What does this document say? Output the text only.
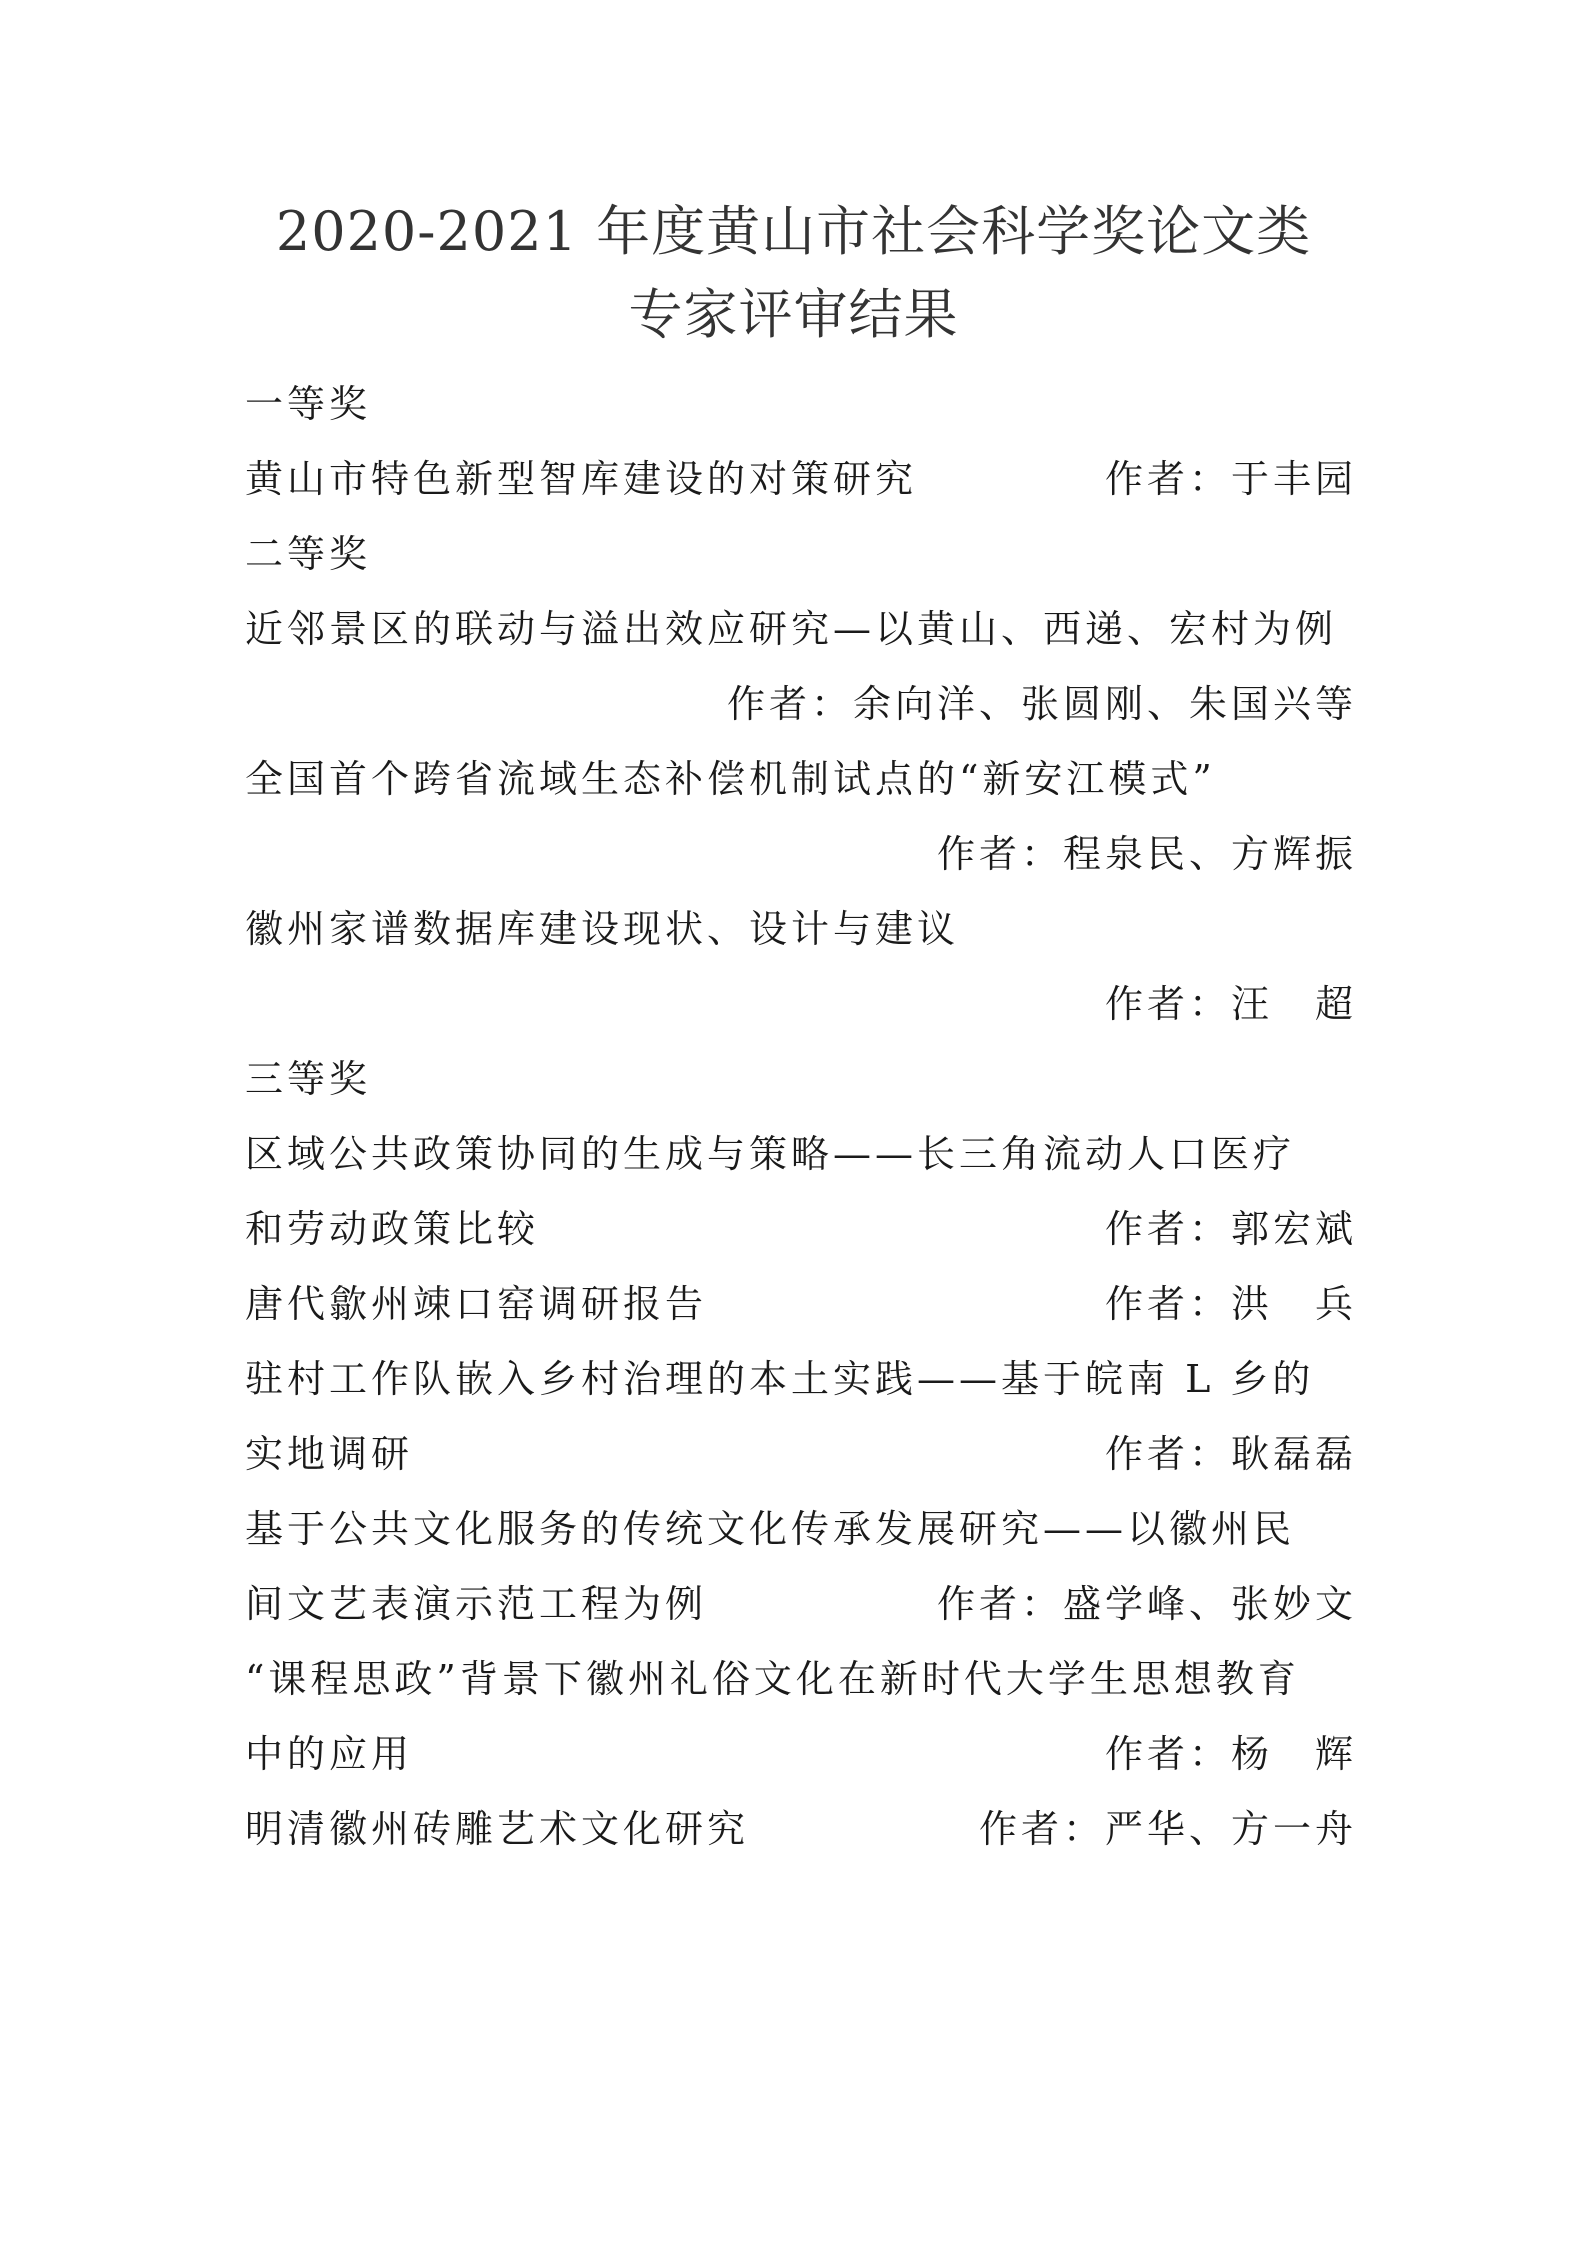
2020-2021 年度黄山市社会科学奖论文类
专家评审结果
一等奖
黄山市特色新型智库建设的对策研究	作者：于丰园
二等奖
近邻景区的联动与溢出效应研究—以黄山、西递、宏村为例
作者：余向洋、张圆刚、朱国兴等
全国首个跨省流域生态补偿机制试点的“新安江模式”
作者：程泉民、方辉振
徽州家谱数据库建设现状、设计与建议
作者：汪　超
三等奖
区域公共政策协同的生成与策略——长三角流动人口医疗
和劳动政策比较	作者：郭宏斌
唐代歙州竦口窑调研报告	作者：洪　兵
驻村工作队嵌入乡村治理的本土实践——基于皖南 L 乡的
实地调研	作者：耿磊磊
基于公共文化服务的传统文化传承发展研究——以徽州民
间文艺表演示范工程为例	作者：盛学峰、张妙文
“课程思政”背景下徽州礼俗文化在新时代大学生思想教育
中的应用	作者：杨　辉
明清徽州砖雕艺术文化研究	作者：严华、方一舟
